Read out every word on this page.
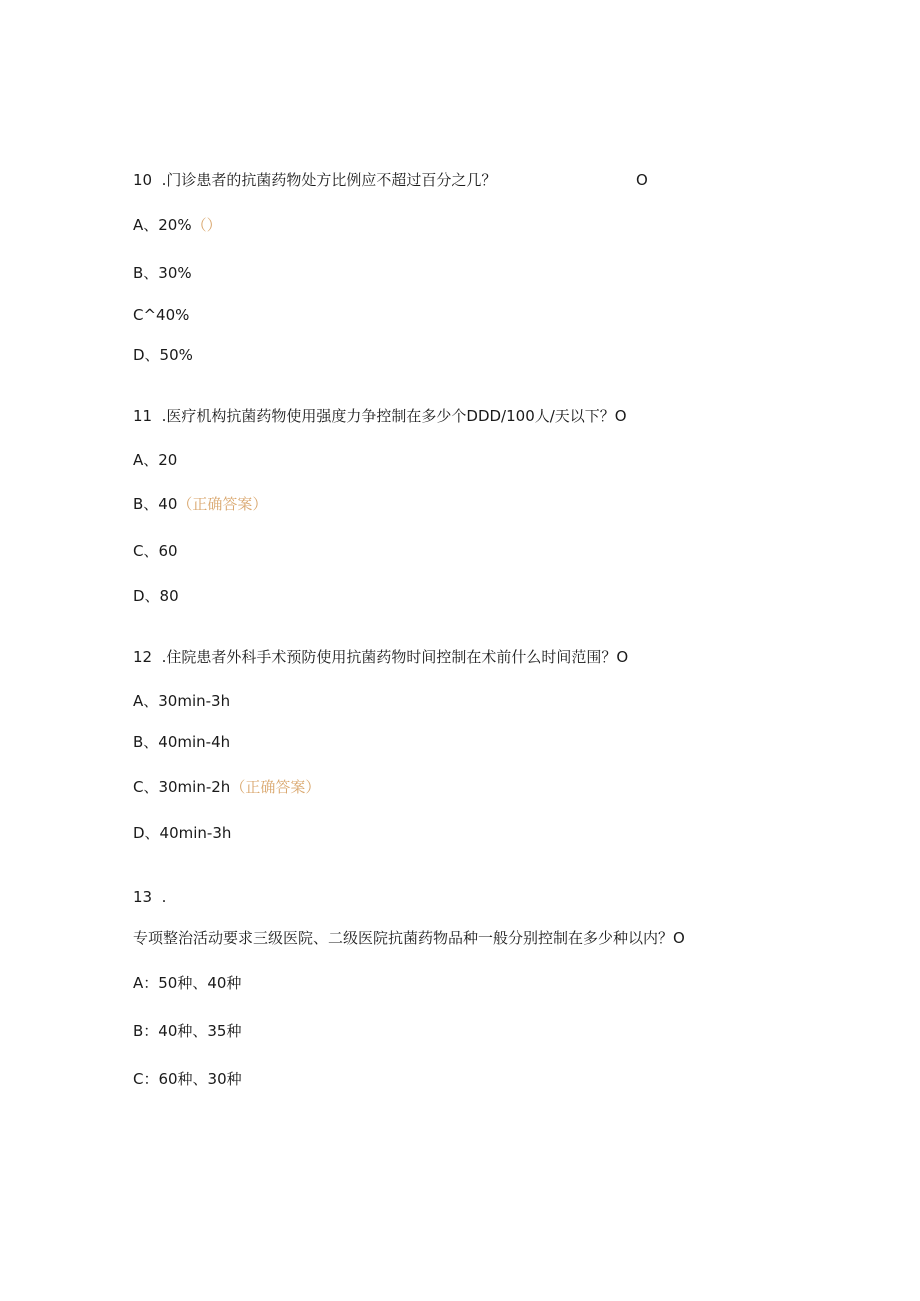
10 .门诊患者的抗菌药物处方比例应不超过百分之几？	O
A、20%（）
B、30%
C^40%
D、50%
11 .医疗机构抗菌药物使用强度力争控制在多少个DDD/100人/天以下？O
A、20
B、40（正确答案）
C、60
D、80
12 .住院患者外科手术预防使用抗菌药物时间控制在术前什么时间范围？O
A、30min-3h
B、40min-4h
C、30min-2h（正确答案）
D、40min-3h
13 .
专项整治活动要求三级医院、二级医院抗菌药物品种一般分别控制在多少种以内？O
A：50种、40种
B：40种、35种
C：60种、30种
